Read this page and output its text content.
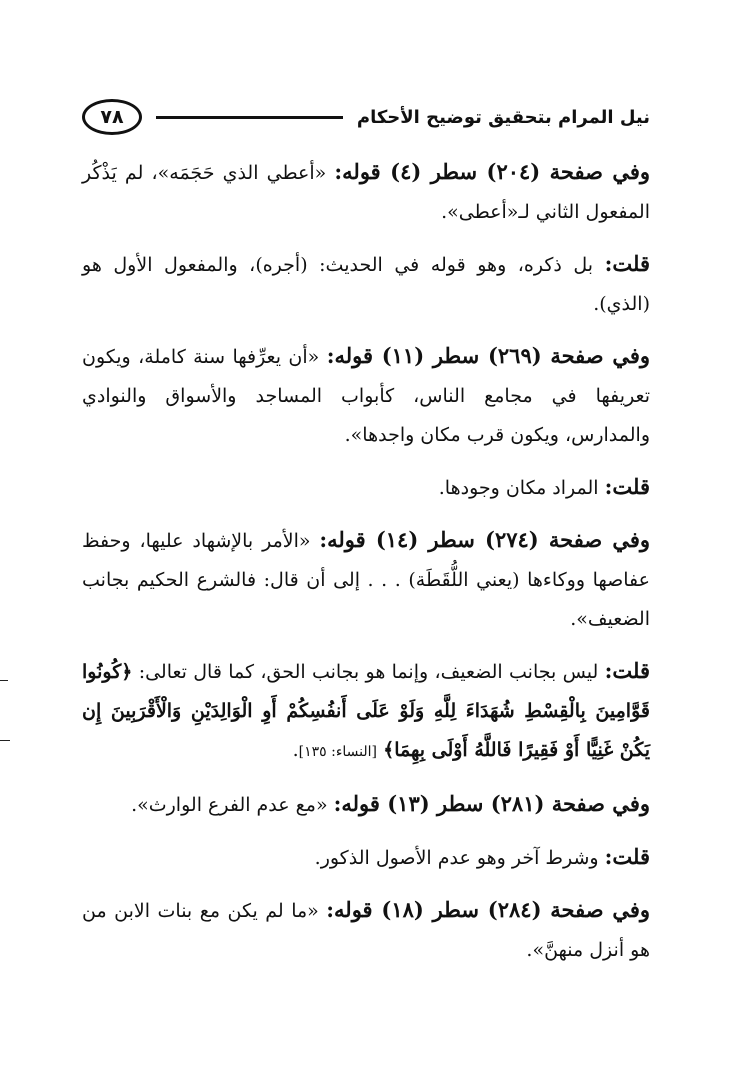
٧٨	نيل المرام بتحقيق توضيح الأحكام

وفي صفحة (٢٠٤) سطر (٤) قوله: «أعطي الذي حَجَمَه»، لم يَذْكُر المفعول الثاني لـ«أعطى».

قلت: بل ذكره، وهو قوله في الحديث: (أجره)، والمفعول الأول هو (الذي).

وفي صفحة (٢٦٩) سطر (١١) قوله: «أن يعرِّفها سنة كاملة، ويكون تعريفها في مجامع الناس، كأبواب المساجد والأسواق والنوادي والمدارس، ويكون قرب مكان واجدها».

قلت: المراد مكان وجودها.

وفي صفحة (٢٧٤) سطر (١٤) قوله: «الأمر بالإشهاد عليها، وحفظ عفاصها ووكاءها (يعني اللُّقَطَة) . . . إلى أن قال: فالشرع الحكيم بجانب الضعيف».

قلت: ليس بجانب الضعيف، وإنما هو بجانب الحق، كما قال تعالى: ﴿كُونُوا قَوَّامِينَ بِالْقِسْطِ شُهَدَاءَ لِلَّهِ وَلَوْ عَلَى أَنفُسِكُمْ أَوِ الْوَالِدَيْنِ وَالْأَقْرَبِينَ إِن يَكُنْ غَنِيًّا أَوْ فَقِيرًا فَاللَّهُ أَوْلَى بِهِمَا﴾ [النساء: ١٣٥].

وفي صفحة (٢٨١) سطر (١٣) قوله: «مع عدم الفرع الوارث».

قلت: وشرط آخر وهو عدم الأصول الذكور.

وفي صفحة (٢٨٤) سطر (١٨) قوله: «ما لم يكن مع بنات الابن من هو أنزل منهنَّ».
